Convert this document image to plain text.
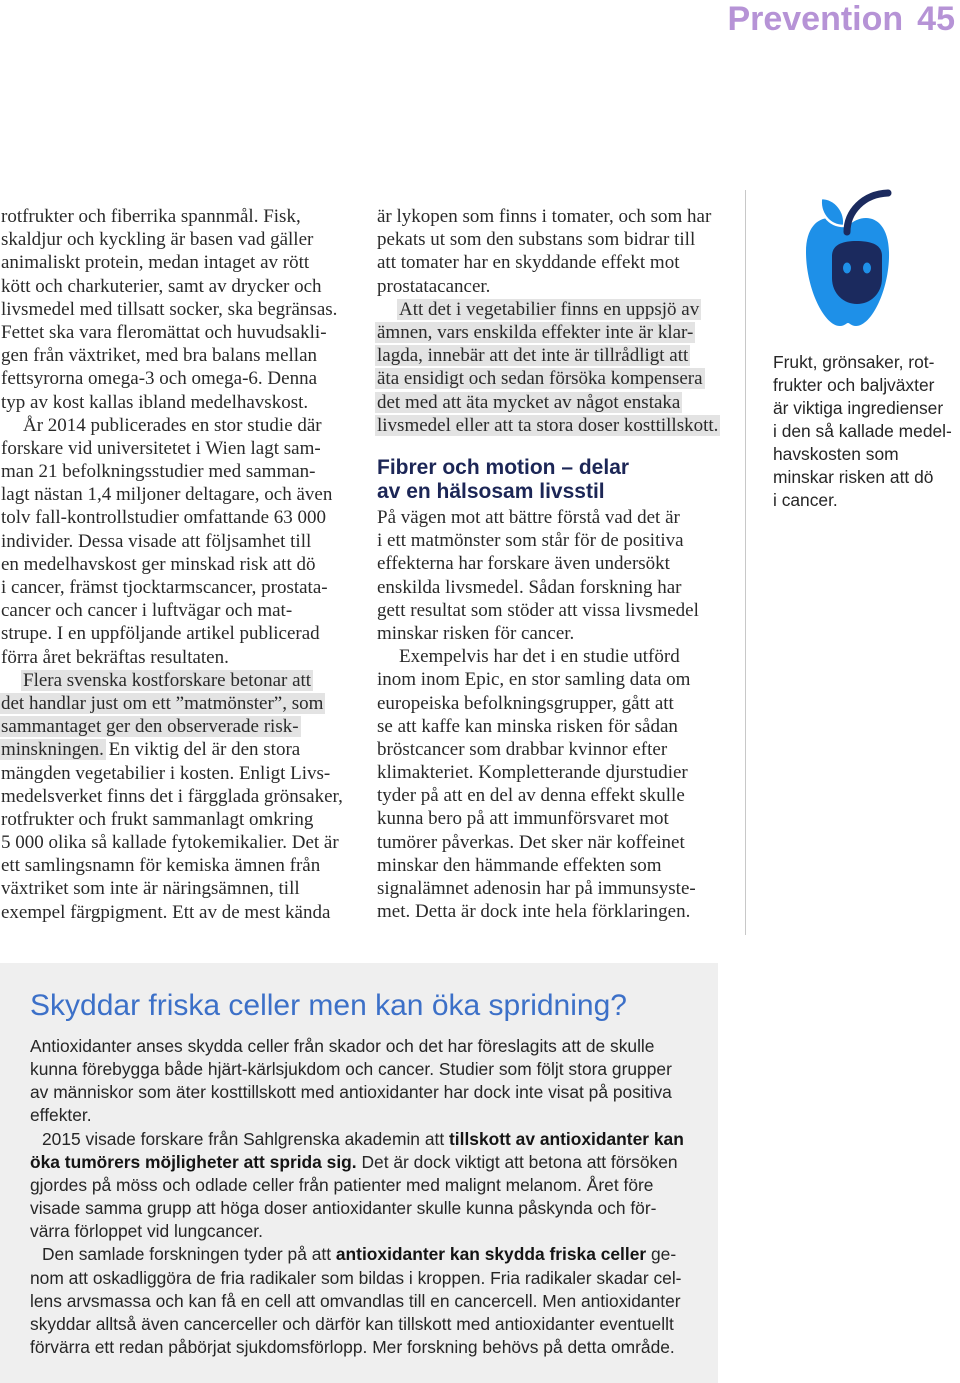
Prevention 45
rotfrukter och fiberrika spannmål. Fisk,
skaldjur och kyckling är basen vad gäller
animaliskt protein, medan intaget av rött
kött och charkuterier, samt av drycker och
livsmedel med tillsatt socker, ska begränsas.
Fettet ska vara fleromättat och huvudsakli-
gen från växtriket, med bra balans mellan
fettsyrorna omega-3 och omega-6. Denna
typ av kost kallas ibland medelhavskost.
År 2014 publicerades en stor studie där
forskare vid universitetet i Wien lagt sam-
man 21 befolkningsstudier med samman-
lagt nästan 1,4 miljoner deltagare, och även
tolv fall-kontrollstudier omfattande 63 000
individer. Dessa visade att följsamhet till
en medelhavskost ger minskad risk att dö
i cancer, främst tjocktarmscancer, prostata-
cancer och cancer i luftvägar och mat-
strupe. I en uppföljande artikel publicerad
förra året bekräftas resultaten.
Flera svenska kostforskare betonar att
det handlar just om ett ”matmönster”, som
sammantaget ger den observerade risk-
minskningen. En viktig del är den stora
mängden vegetabilier i kosten. Enligt Livs-
medelsverket finns det i färgglada grönsaker,
rotfrukter och frukt sammanlagt omkring
5 000 olika så kallade fytokemikalier. Det är
ett samlingsnamn för kemiska ämnen från
växtriket som inte är näringsämnen, till
exempel färgpigment. Ett av de mest kända
är lykopen som finns i tomater, och som har
pekats ut som den substans som bidrar till
att tomater har en skyddande effekt mot
prostatacancer.
Att det i vegetabilier finns en uppsjö av
ämnen, vars enskilda effekter inte är klar-
lagda, innebär att det inte är tillrådligt att
äta ensidigt och sedan försöka kompensera
det med att äta mycket av något enstaka
livsmedel eller att ta stora doser kosttillskott.
Fibrer och motion – delar
av en hälsosam livsstil
På vägen mot att bättre förstå vad det är
i ett matmönster som står för de positiva
effekterna har forskare även undersökt
enskilda livsmedel. Sådan forskning har
gett resultat som stöder att vissa livsmedel
minskar risken för cancer.
Exempelvis har det i en studie utförd
inom inom Epic, en stor samling data om
europeiska befolkningsgrupper, gått att
se att kaffe kan minska risken för sådan
bröstcancer som drabbar kvinnor efter
klimakteriet. Kompletterande djurstudier
tyder på att en del av denna effekt skulle
kunna bero på att immunförsvaret mot
tumörer påverkas. Det sker när koffeinet
minskar den hämmande effekten som
signalämnet adenosin har på immunsyste-
met. Detta är dock inte hela förklaringen.
Frukt, grönsaker, rot-
frukter och baljväxter
är viktiga ingredienser
i den så kallade medel-
havskosten som
minskar risken att dö
i cancer.
Skyddar friska celler men kan öka spridning?
Antioxidanter anses skydda celler från skador och det har föreslagits att de skulle
kunna förebygga både hjärt-kärlsjukdom och cancer. Studier som följt stora grupper
av människor som äter kosttillskott med antioxidanter har dock inte visat på positiva
effekter.
2015 visade forskare från Sahlgrenska akademin att tillskott av antioxidanter kan
öka tumörers möjligheter att sprida sig. Det är dock viktigt att betona att försöken
gjordes på möss och odlade celler från patienter med malignt melanom. Året före
visade samma grupp att höga doser antioxidanter skulle kunna påskynda och för-
värra förloppet vid lungcancer.
Den samlade forskningen tyder på att antioxidanter kan skydda friska celler ge-
nom att oskadliggöra de fria radikaler som bildas i kroppen. Fria radikaler skadar cel-
lens arvsmassa och kan få en cell att omvandlas till en cancercell. Men antioxidanter
skyddar alltså även cancerceller och därför kan tillskott med antioxidanter eventuellt
förvärra ett redan påbörjat sjukdomsförlopp. Mer forskning behövs på detta område.
